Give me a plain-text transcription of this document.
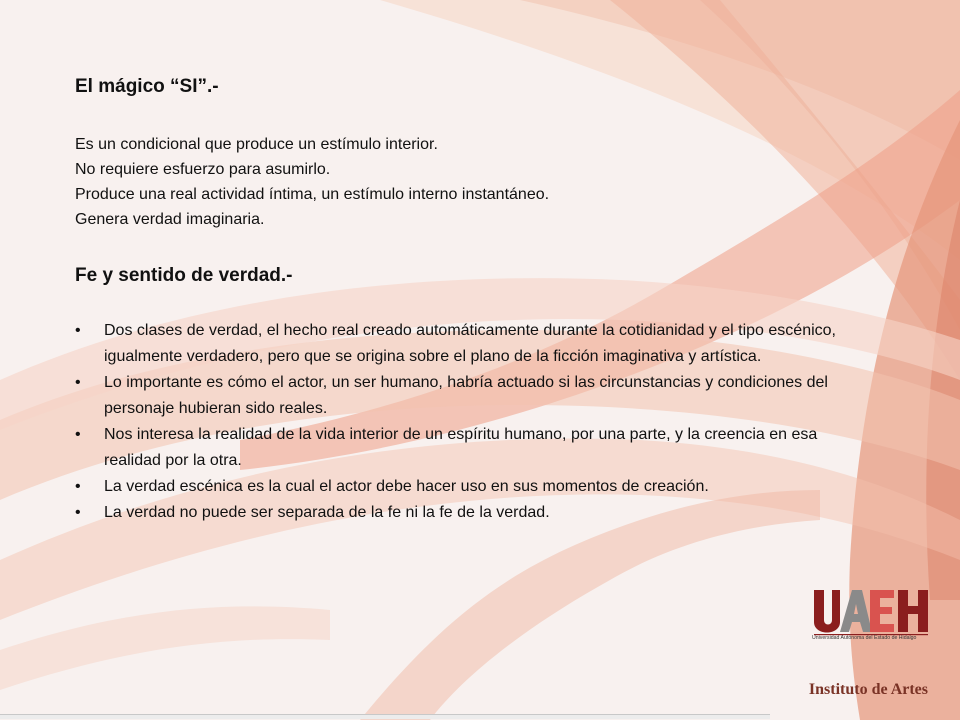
El mágico “SI”.-
Es un condicional que produce un estímulo interior.
No requiere esfuerzo para asumirlo.
Produce una real actividad íntima, un estímulo interno instantáneo.
Genera verdad imaginaria.
Fe y sentido de verdad.-
•	Dos clases de verdad, el hecho real creado automáticamente durante la cotidianidad y el tipo escénico, igualmente verdadero, pero que se origina sobre el plano de la ficción imaginativa y artística.
•	Lo importante es cómo el actor, un ser humano, habría actuado si las circunstancias y condiciones del personaje hubieran sido reales.
•	Nos interesa la realidad de la vida interior de un espíritu humano, por una parte, y la creencia en esa realidad por la otra.
•	La verdad escénica es la cual el actor debe hacer uso en sus momentos de creación.
•	La verdad no puede ser separada de la fe ni la fe de la verdad.
Universidad Autónoma del Estado de Hidalgo
Instituto de Artes
